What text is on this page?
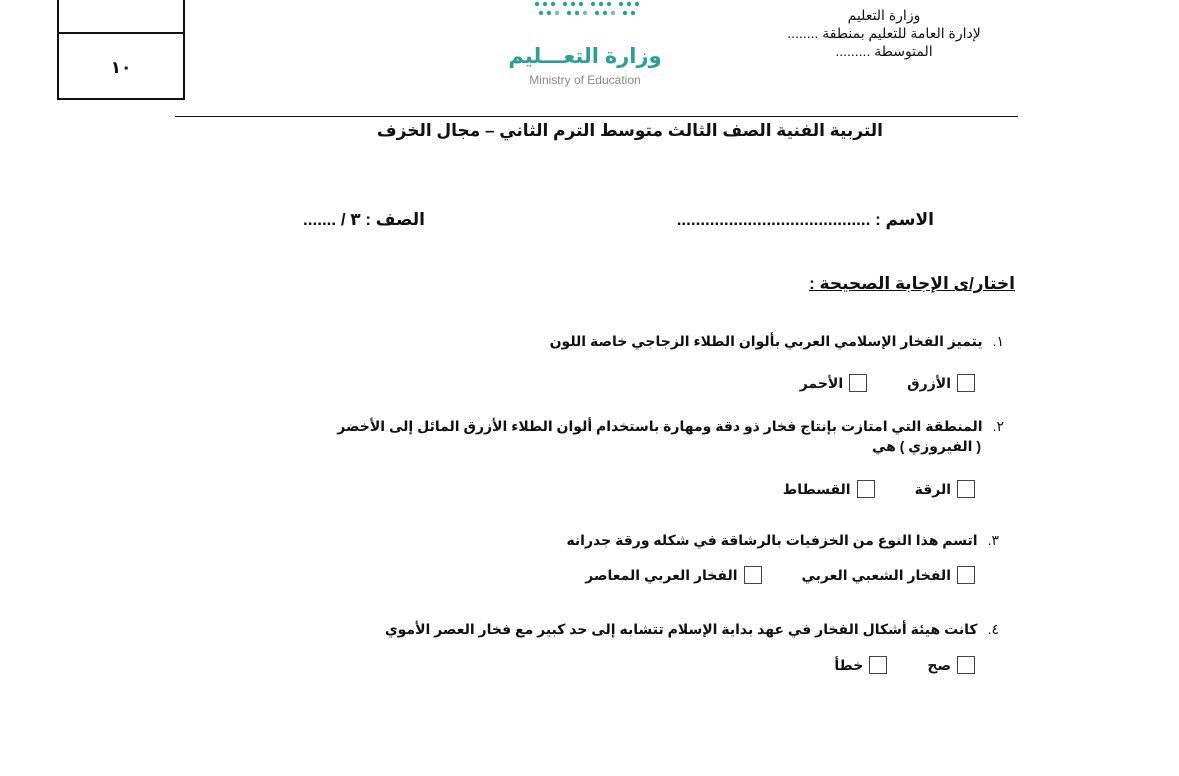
١٠	وزارة التعـــليم
Ministry of Education
وزارة التعليم
لإدارة العامة للتعليم بمنطقة ........
المتوسطة .........
التربية الفنية الصف الثالث متوسط الترم الثاني – مجال الخزف
الاسم : .........................................
الصف : ٣ / .......
اختار/ى الإجابة الصحيحة :
١.يتميز الفخار الإسلامي العربي بألوان الطلاء الزجاجي خاصة اللون
الأزرق
الأحمر
٢.المنطقة التي امتازت بإنتاج فخار ذو دقة ومهارة باستخدام ألوان الطلاء الأزرق المائل إلى الأخضر
( الفيروزي ) هي
الرقة
القسطاط
٣.اتسم هذا النوع من الخزفيات بالرشاقة في شكله ورقة جدرانه
الفخار الشعبي العربي
الفخار العربي المعاصر
٤.كانت هيئة أشكال الفخار في عهد بداية الإسلام تتشابه إلى حد كبير مع فخار العصر الأموي
صح
خطأ
